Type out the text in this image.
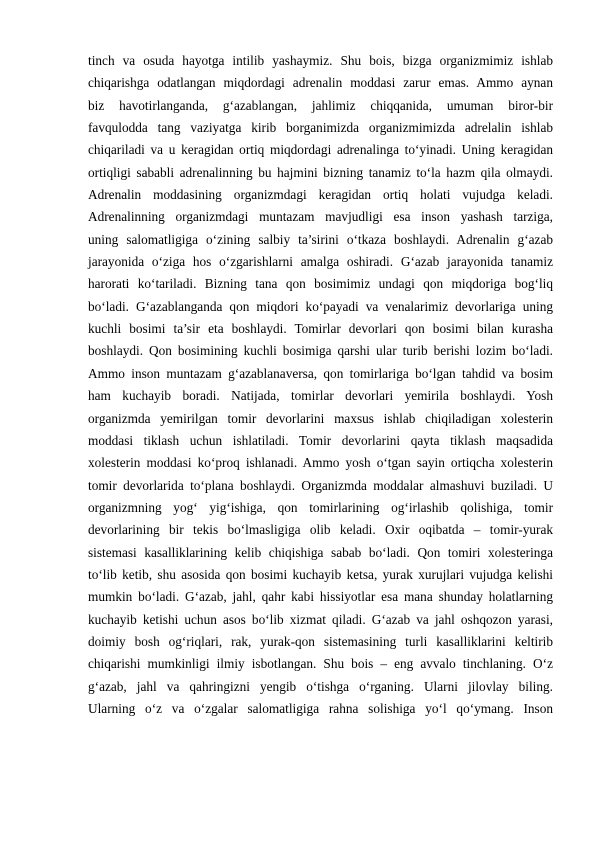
tinch va osuda hayotga intilib yashaymiz. Shu bois, bizga organizmimiz ishlab
chiqarishga odatlangan miqdordagi adrenalin moddasi zarur emas. Ammo aynan
biz havotirlanganda, g‘azablangan, jahlimiz chiqqanida, umuman biror-bir
favqulodda tang vaziyatga kirib borganimizda organizmimizda adrelalin ishlab
chiqariladi va u keragidan ortiq miqdordagi adrenalinga to‘yinadi. Uning keragidan
ortiqligi sababli adrenalinning bu hajmini bizning tanamiz to‘la hazm qila olmaydi.
Adrenalin moddasining organizmdagi keragidan ortiq holati vujudga keladi.
Adrenalinning organizmdagi muntazam mavjudligi esa inson yashash tarziga,
uning salomatligiga o‘zining salbiy ta’sirini o‘tkaza boshlaydi. Adrenalin g‘azab
jarayonida o‘ziga hos o‘zgarishlarni amalga oshiradi. G‘azab jarayonida tanamiz
harorati ko‘tariladi. Bizning tana qon bosimimiz undagi qon miqdoriga bog‘liq
bo‘ladi. G‘azablanganda qon miqdori ko‘payadi va venalarimiz devorlariga uning
kuchli bosimi ta’sir eta boshlaydi. Tomirlar devorlari qon bosimi bilan kurasha
boshlaydi. Qon bosimining kuchli bosimiga qarshi ular turib berishi lozim bo‘ladi.
Ammo inson muntazam g‘azablanaversa, qon tomirlariga bo‘lgan tahdid va bosim
ham kuchayib boradi. Natijada, tomirlar devorlari yemirila boshlaydi. Yosh
organizmda yemirilgan tomir devorlarini maxsus ishlab chiqiladigan xolesterin
moddasi tiklash uchun ishlatiladi. Tomir devorlarini qayta tiklash maqsadida
xolesterin moddasi ko‘proq ishlanadi. Ammo yosh o‘tgan sayin ortiqcha xolesterin
tomir devorlarida to‘plana boshlaydi. Organizmda moddalar almashuvi buziladi. U
organizmning yog‘ yig‘ishiga, qon tomirlarining og‘irlashib qolishiga, tomir
devorlarining bir tekis bo‘lmasligiga olib keladi. Oxir oqibatda – tomir-yurak
sistemasi kasalliklarining kelib chiqishiga sabab bo‘ladi. Qon tomiri xolesteringa
to‘lib ketib, shu asosida qon bosimi kuchayib ketsa, yurak xurujlari vujudga kelishi
mumkin bo‘ladi. G‘azab, jahl, qahr kabi hissiyotlar esa mana shunday holatlarning
kuchayib ketishi uchun asos bo‘lib xizmat qiladi. G‘azab va jahl oshqozon yarasi,
doimiy bosh og‘riqlari, rak, yurak-qon sistemasining turli kasalliklarini keltirib
chiqarishi mumkinligi ilmiy isbotlangan. Shu bois – eng avvalo tinchlaning. O‘z
g‘azab, jahl va qahringizni yengib o‘tishga o‘rganing. Ularni jilovlay biling.
Ularning o‘z va o‘zgalar salomatligiga rahna solishiga yo‘l qo‘ymang. Inson
